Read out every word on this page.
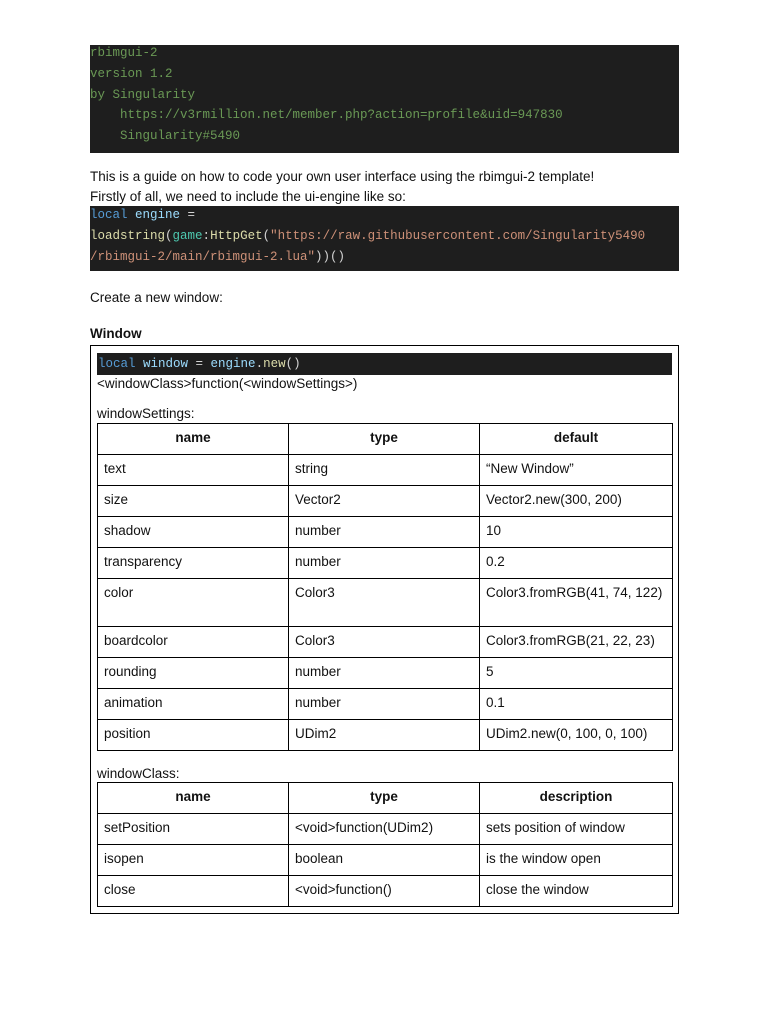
rbimgui-2
version 1.2
by Singularity
https://v3rmillion.net/member.php?action=profile&uid=947830
Singularity#5490

This is a guide on how to code your own user interface using the rbimgui-2 template!
Firstly of all, we need to include the ui-engine like so:

local engine =
loadstring(game:HttpGet("https://raw.githubusercontent.com/Singularity5490
/rbimgui-2/main/rbimgui-2.lua"))()

Create a new window:
Window
local window = engine.new()
<windowClass>function(<windowSettings>)
windowSettings:
name	type	default
text	string	“New Window”
size	Vector2	Vector2.new(300, 200)
shadow	number	10
transparency	number	0.2
color	Color3	Color3.fromRGB(41, 74, 122)
boardcolor	Color3	Color3.fromRGB(21, 22, 23)
rounding	number	5
animation	number	0.1
position	UDim2	UDim2.new(0, 100, 0, 100)
windowClass:
name	type	description
setPosition	<void>function(UDim2)	sets position of window
isopen	boolean	is the window open
close	<void>function()	close the window
